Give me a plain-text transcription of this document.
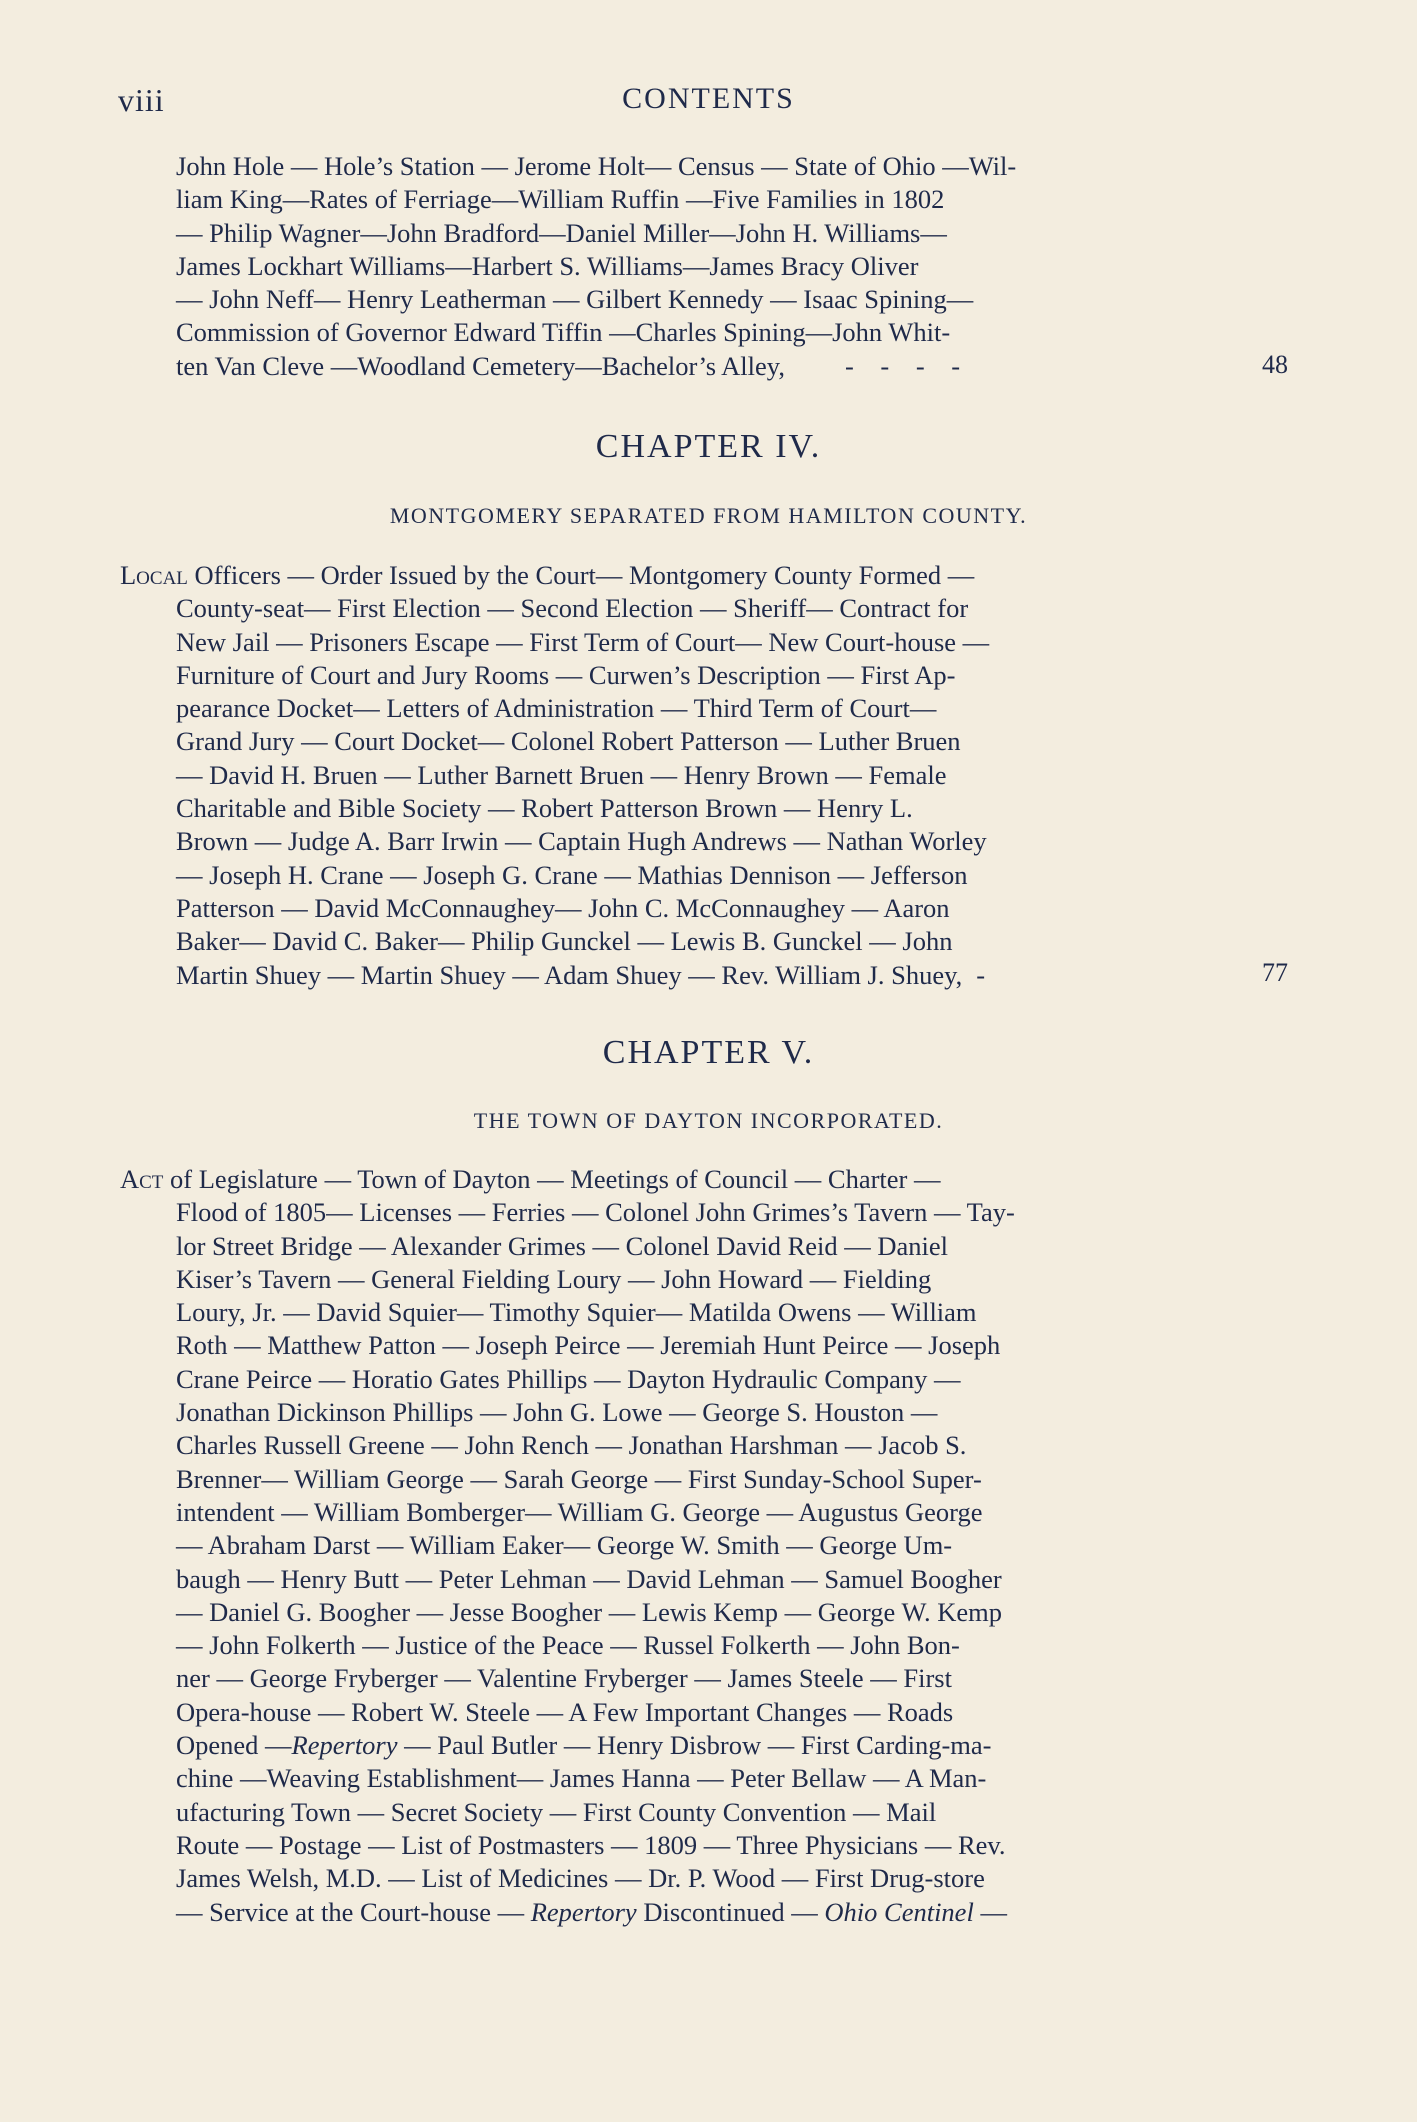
viii	CONTENTS
John Hole — Hole’s Station — Jerome Holt— Census — State of Ohio —Wil-
liam King—Rates of Ferriage—William Ruffin —Five Families in 1802
— Philip Wagner—John Bradford—Daniel Miller—John H. Williams—
James Lockhart Williams—Harbert S. Williams—James Bracy Oliver
— John Neff— Henry Leatherman — Gilbert Kennedy — Isaac Spining—
Commission of Governor Edward Tiffin —Charles Spining—John Whit-
ten Van Cleve —Woodland Cemetery—Bachelor’s Alley, - - - -	48
CHAPTER IV.
MONTGOMERY SEPARATED FROM HAMILTON COUNTY.
Local Officers — Order Issued by the Court— Montgomery County Formed —
County-seat— First Election — Second Election — Sheriff— Contract for
New Jail — Prisoners Escape — First Term of Court— New Court-house —
Furniture of Court and Jury Rooms — Curwen’s Description — First Ap-
pearance Docket— Letters of Administration — Third Term of Court—
Grand Jury — Court Docket— Colonel Robert Patterson — Luther Bruen
— David H. Bruen — Luther Barnett Bruen — Henry Brown — Female
Charitable and Bible Society — Robert Patterson Brown — Henry L.
Brown — Judge A. Barr Irwin — Captain Hugh Andrews — Nathan Worley
— Joseph H. Crane — Joseph G. Crane — Mathias Dennison — Jefferson
Patterson — David McConnaughey— John C. McConnaughey — Aaron
Baker— David C. Baker— Philip Gunckel — Lewis B. Gunckel — John
Martin Shuey — Martin Shuey — Adam Shuey — Rev. William J. Shuey, -	77
CHAPTER V.
THE TOWN OF DAYTON INCORPORATED.
Act of Legislature — Town of Dayton — Meetings of Council — Charter —
Flood of 1805— Licenses — Ferries — Colonel John Grimes’s Tavern — Tay-
lor Street Bridge — Alexander Grimes — Colonel David Reid — Daniel
Kiser’s Tavern — General Fielding Loury — John Howard — Fielding
Loury, Jr. — David Squier— Timothy Squier— Matilda Owens — William
Roth — Matthew Patton — Joseph Peirce — Jeremiah Hunt Peirce — Joseph
Crane Peirce — Horatio Gates Phillips — Dayton Hydraulic Company —
Jonathan Dickinson Phillips — John G. Lowe — George S. Houston —
Charles Russell Greene — John Rench — Jonathan Harshman — Jacob S.
Brenner— William George — Sarah George — First Sunday-School Super-
intendent — William Bomberger— William G. George — Augustus George
— Abraham Darst — William Eaker— George W. Smith — George Um-
baugh — Henry Butt — Peter Lehman — David Lehman — Samuel Boogher
— Daniel G. Boogher — Jesse Boogher — Lewis Kemp — George W. Kemp
— John Folkerth — Justice of the Peace — Russel Folkerth — John Bon-
ner — George Fryberger — Valentine Fryberger — James Steele — First
Opera-house — Robert W. Steele — A Few Important Changes — Roads
Opened —Repertory — Paul Butler — Henry Disbrow — First Carding-ma-
chine —Weaving Establishment— James Hanna — Peter Bellaw — A Man-
ufacturing Town — Secret Society — First County Convention — Mail
Route — Postage — List of Postmasters — 1809 — Three Physicians — Rev.
James Welsh, M.D. — List of Medicines — Dr. P. Wood — First Drug-store
— Service at the Court-house — Repertory Discontinued — Ohio Centinel —
